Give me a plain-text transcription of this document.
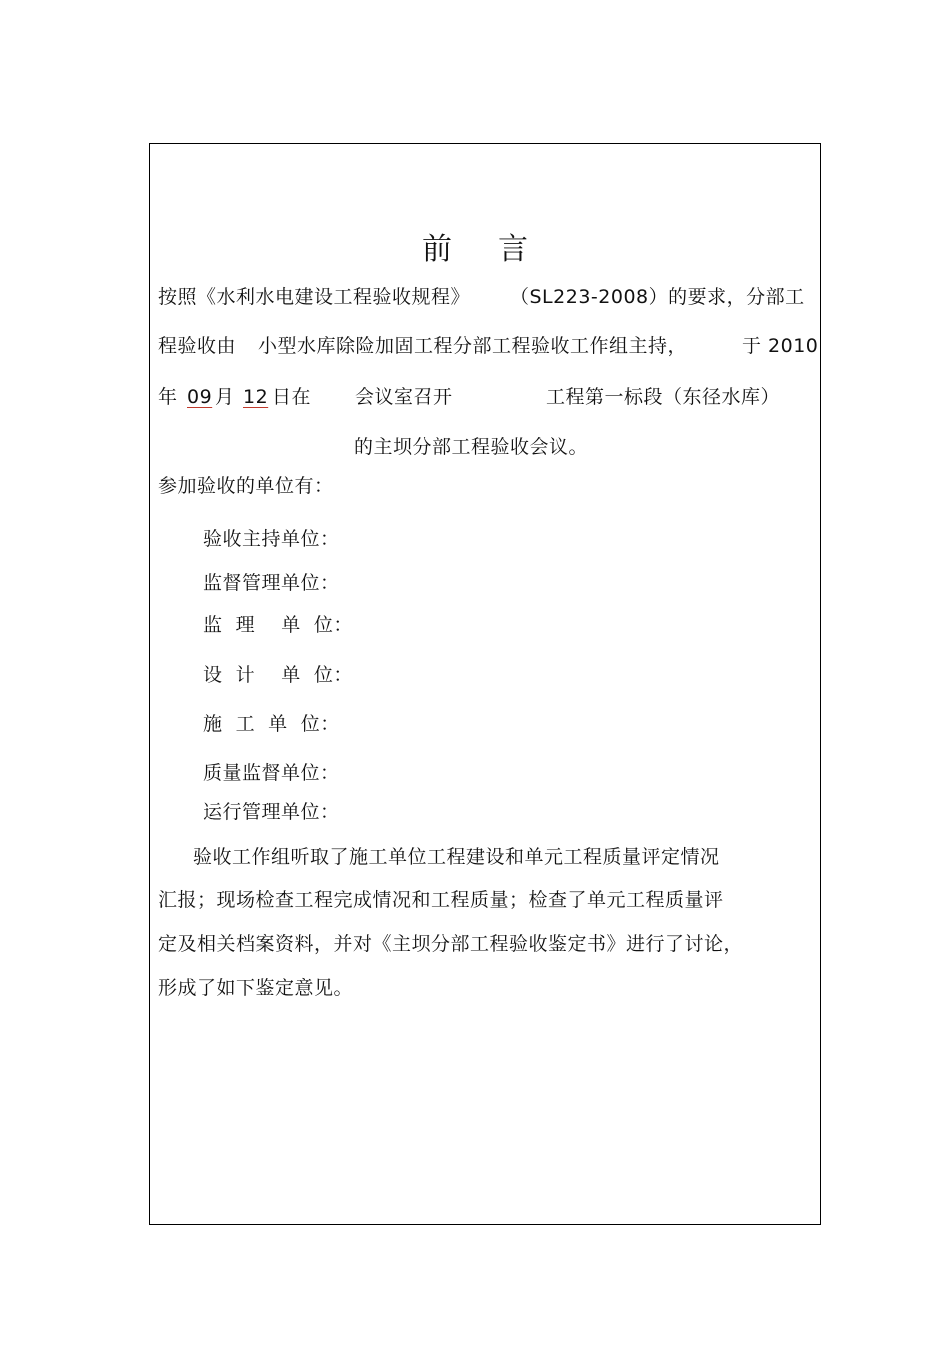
前 言
按照《水利水电建设工程验收规程》 （SL223-2008）的要求，分部工
程验收由 小型水库除险加固工程分部工程验收工作组主持，	于 2010
年 09 月 12 日在 会议室召开	工程第一标段（东径水库）
的主坝分部工程验收会议。
参加验收的单位有：
验收主持单位：
监督管理单位：
监  理    单  位：
设  计    单  位：
施  工  单  位：
质量监督单位：
运行管理单位：
验收工作组听取了施工单位工程建设和单元工程质量评定情况
汇报；现场检查工程完成情况和工程质量；检查了单元工程质量评
定及相关档案资料，并对《主坝分部工程验收鉴定书》进行了讨论，
形成了如下鉴定意见。
